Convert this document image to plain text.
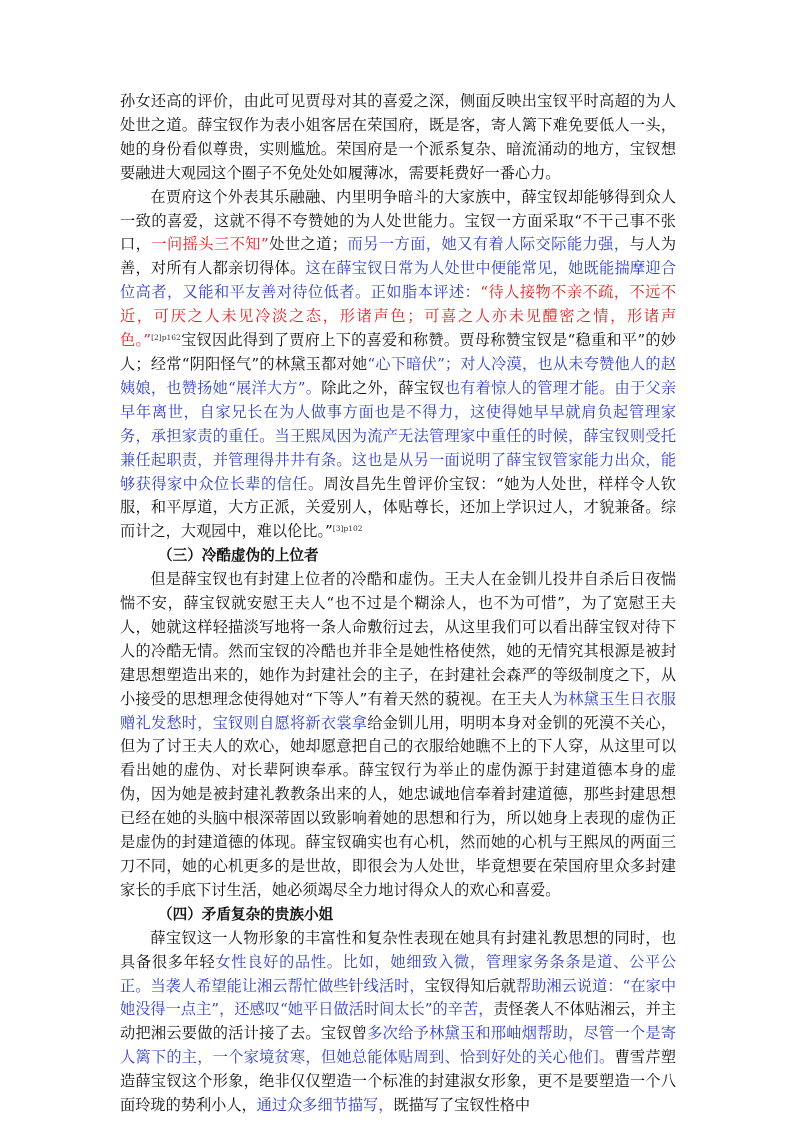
孙女还高的评价，由此可见贾母对其的喜爱之深，侧面反映出宝钗平时高超的为人处世之道。薛宝钗作为表小姐客居在荣国府，既是客，寄人篱下难免要低人一头，她的身份看似尊贵，实则尴尬。荣国府是一个派系复杂、暗流涌动的地方，宝钗想要融进大观园这个圈子不免处处如履薄冰，需要耗费好一番心力。

在贾府这个外表其乐融融、内里明争暗斗的大家族中，薛宝钗却能够得到众人一致的喜爱，这就不得不夸赞她的为人处世能力。宝钗一方面采取“不干己事不张口，一问摇头三不知”处世之道；而另一方面，她又有着人际交际能力强，与人为善，对所有人都亲切得体。这在薛宝钗日常为人处世中便能常见，她既能揣摩迎合位高者，又能和平友善对待位低者。正如脂本评述：“待人接物不亲不疏，不远不近，可厌之人未见冷淡之态，形诸声色；可喜之人亦未见醴密之情，形诸声色。”$^{[2]p162}$宝钗因此得到了贾府上下的喜爱和称赞。贾母称赞宝钗是“稳重和平”的妙人；经常“阴阳怪气”的林黛玉都对她“心下暗伏”；对人冷漠，也从未夸赞他人的赵姨娘，也赞扬她“展洋大方”。除此之外，薛宝钗也有着惊人的管理才能。由于父亲早年离世，自家兄长在为人做事方面也是不得力，这使得她早早就肩负起管理家务，承担家责的重任。当王熙凤因为流产无法管理家中重任的时候，薛宝钗则受托兼任起职责，并管理得井井有条。这也是从另一面说明了薛宝钗管家能力出众，能够获得家中众位长辈的信任。周汝昌先生曾评价宝钗：“她为人处世，样样令人钦服，和平厚道，大方正派，关爱别人，体贴尊长，还加上学识过人，才貌兼备。综而计之，大观园中，难以伦比。”$^{[3]p102}$

（三）冷酷虚伪的上位者

但是薛宝钗也有封建上位者的冷酷和虚伪。王夫人在金钏儿投井自杀后日夜惴惴不安，薛宝钗就安慰王夫人“也不过是个糊涂人，也不为可惜”，为了宽慰王夫人，她就这样轻描淡写地将一条人命敷衍过去，从这里我们可以看出薛宝钗对待下人的冷酷无情。然而宝钗的冷酷也并非全是她性格使然，她的无情究其根源是被封建思想塑造出来的，她作为封建社会的主子，在封建社会森严的等级制度之下，从小接受的思想理念使得她对“下等人”有着天然的藐视。在王夫人为林黛玉生日衣服赠礼发愁时，宝钗则自愿将新衣裳拿给金钏儿用，明明本身对金钏的死漠不关心，但为了讨王夫人的欢心，她却愿意把自己的衣服给她瞧不上的下人穿，从这里可以看出她的虚伪、对长辈阿谀奉承。薛宝钗行为举止的虚伪源于封建道德本身的虚伪，因为她是被封建礼教教条出来的人，她忠诚地信奉着封建道德，那些封建思想已经在她的头脑中根深蒂固以致影响着她的思想和行为，所以她身上表现的虚伪正是虚伪的封建道德的体现。薛宝钗确实也有心机，然而她的心机与王熙凤的两面三刀不同，她的心机更多的是世故，即很会为人处世，毕竟想要在荣国府里众多封建家长的手底下讨生活，她必须竭尽全力地讨得众人的欢心和喜爱。

（四）矛盾复杂的贵族小姐

薛宝钗这一人物形象的丰富性和复杂性表现在她具有封建礼教思想的同时，也具备很多年轻女性良好的品性。比如，她细致入微，管理家务条条是道、公平公正。当袭人希望能让湘云帮忙做些针线活时，宝钗得知后就帮助湘云说道：“在家中她没得一点主”，还感叹“她平日做活时间太长”的辛苦，责怪袭人不体贴湘云，并主动把湘云要做的活计接了去。宝钗曾多次给予林黛玉和邢岫烟帮助，尽管一个是寄人篱下的主，一个家境贫寒，但她总能体贴周到、恰到好处的关心他们。曹雪芹塑造薛宝钗这个形象，绝非仅仅塑造一个标准的封建淑女形象，更不是要塑造一个八面玲珑的势利小人，通过众多细节描写，既描写了宝钗性格中
